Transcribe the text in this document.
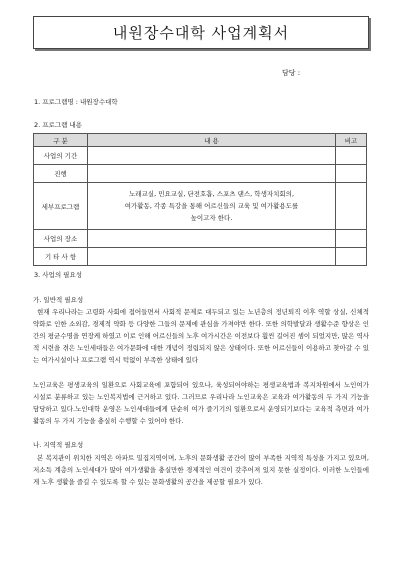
내원장수대학 사업계획서
담당 :
1. 프로그램명 : 내원장수대학
2. 프로그램 내용
구 분	내 용	비고
사업의 기간		
진행		
세부프로그램	노래교실, 민요교실, 단전호흡, 스포츠 댄스, 학생자치회의,
여가활동, 각종 특강을 통해 어르신들의 교육 및 여가활용도를
높이고자 한다.	

사업의 장소		
기 타 사 항		
3. 사업의 필요성
가. 일반적 필요성

현재 우리나라는 고령화 사회에 접어들면서 사회적 문제로 대두되고 있는 노년층의 정년퇴직 이후 역할 상실, 신체적 약화로 인한 소외감, 경제적 약화 등 다양한 그들의 문제에 관심을 가져야만 한다. 또한 의학발달과 생활수준 향상은 인간의 평균수명을 연장케 하였고 이로 인해 어르신들의 노후 여가시간은 이전보다 훨씬 길어진 셈이 되었지만, 많은 역사적 시련을 겪은 노인세대들은 여가문화에 대한 개념이 정립되지 않은 상태이다. 또한 어르신들이 이용하고 찾아갈 수 있는 여가시설이나 프로그램 역시 턱없이 부족한 상태에 있다

노인교육은 평생교육의 일환으로 사회교육에 포함되어 있으나, 육성되어야하는 평생교육법과 복지차원에서 노인여가 시설로 분류하고 있는 노인복지법에 근거하고 있다. 그러므로 우리나라 노인교육은 교육과 여가활동의 두 가지 기능을 담당하고 있다.노인대학 운영은 노인세대들에게 단순히 여가 즐기기의 일환으로서 운영되기보다는 교육적 측면과 여가활동의 두 가지 기능을 충실히 수행할 수 있어야 한다.

나. 지역적 필요성

본 복지관이 위치한 지역은 아파트 밀집지역이며, 노후의 문화생활 공간이 많이 부족한 지역적 특성을 가지고 있으며, 저소득 계층의 노인세대가 많아 여가생활을 충실만한 경제적인 여건이 갖추어져 있지 못한 실정이다. 이러한 노인들에게 노후 생활을 즐길 수 있도록 할 수 있는 문화생활의 공간을 제공할 필요가 있다.
